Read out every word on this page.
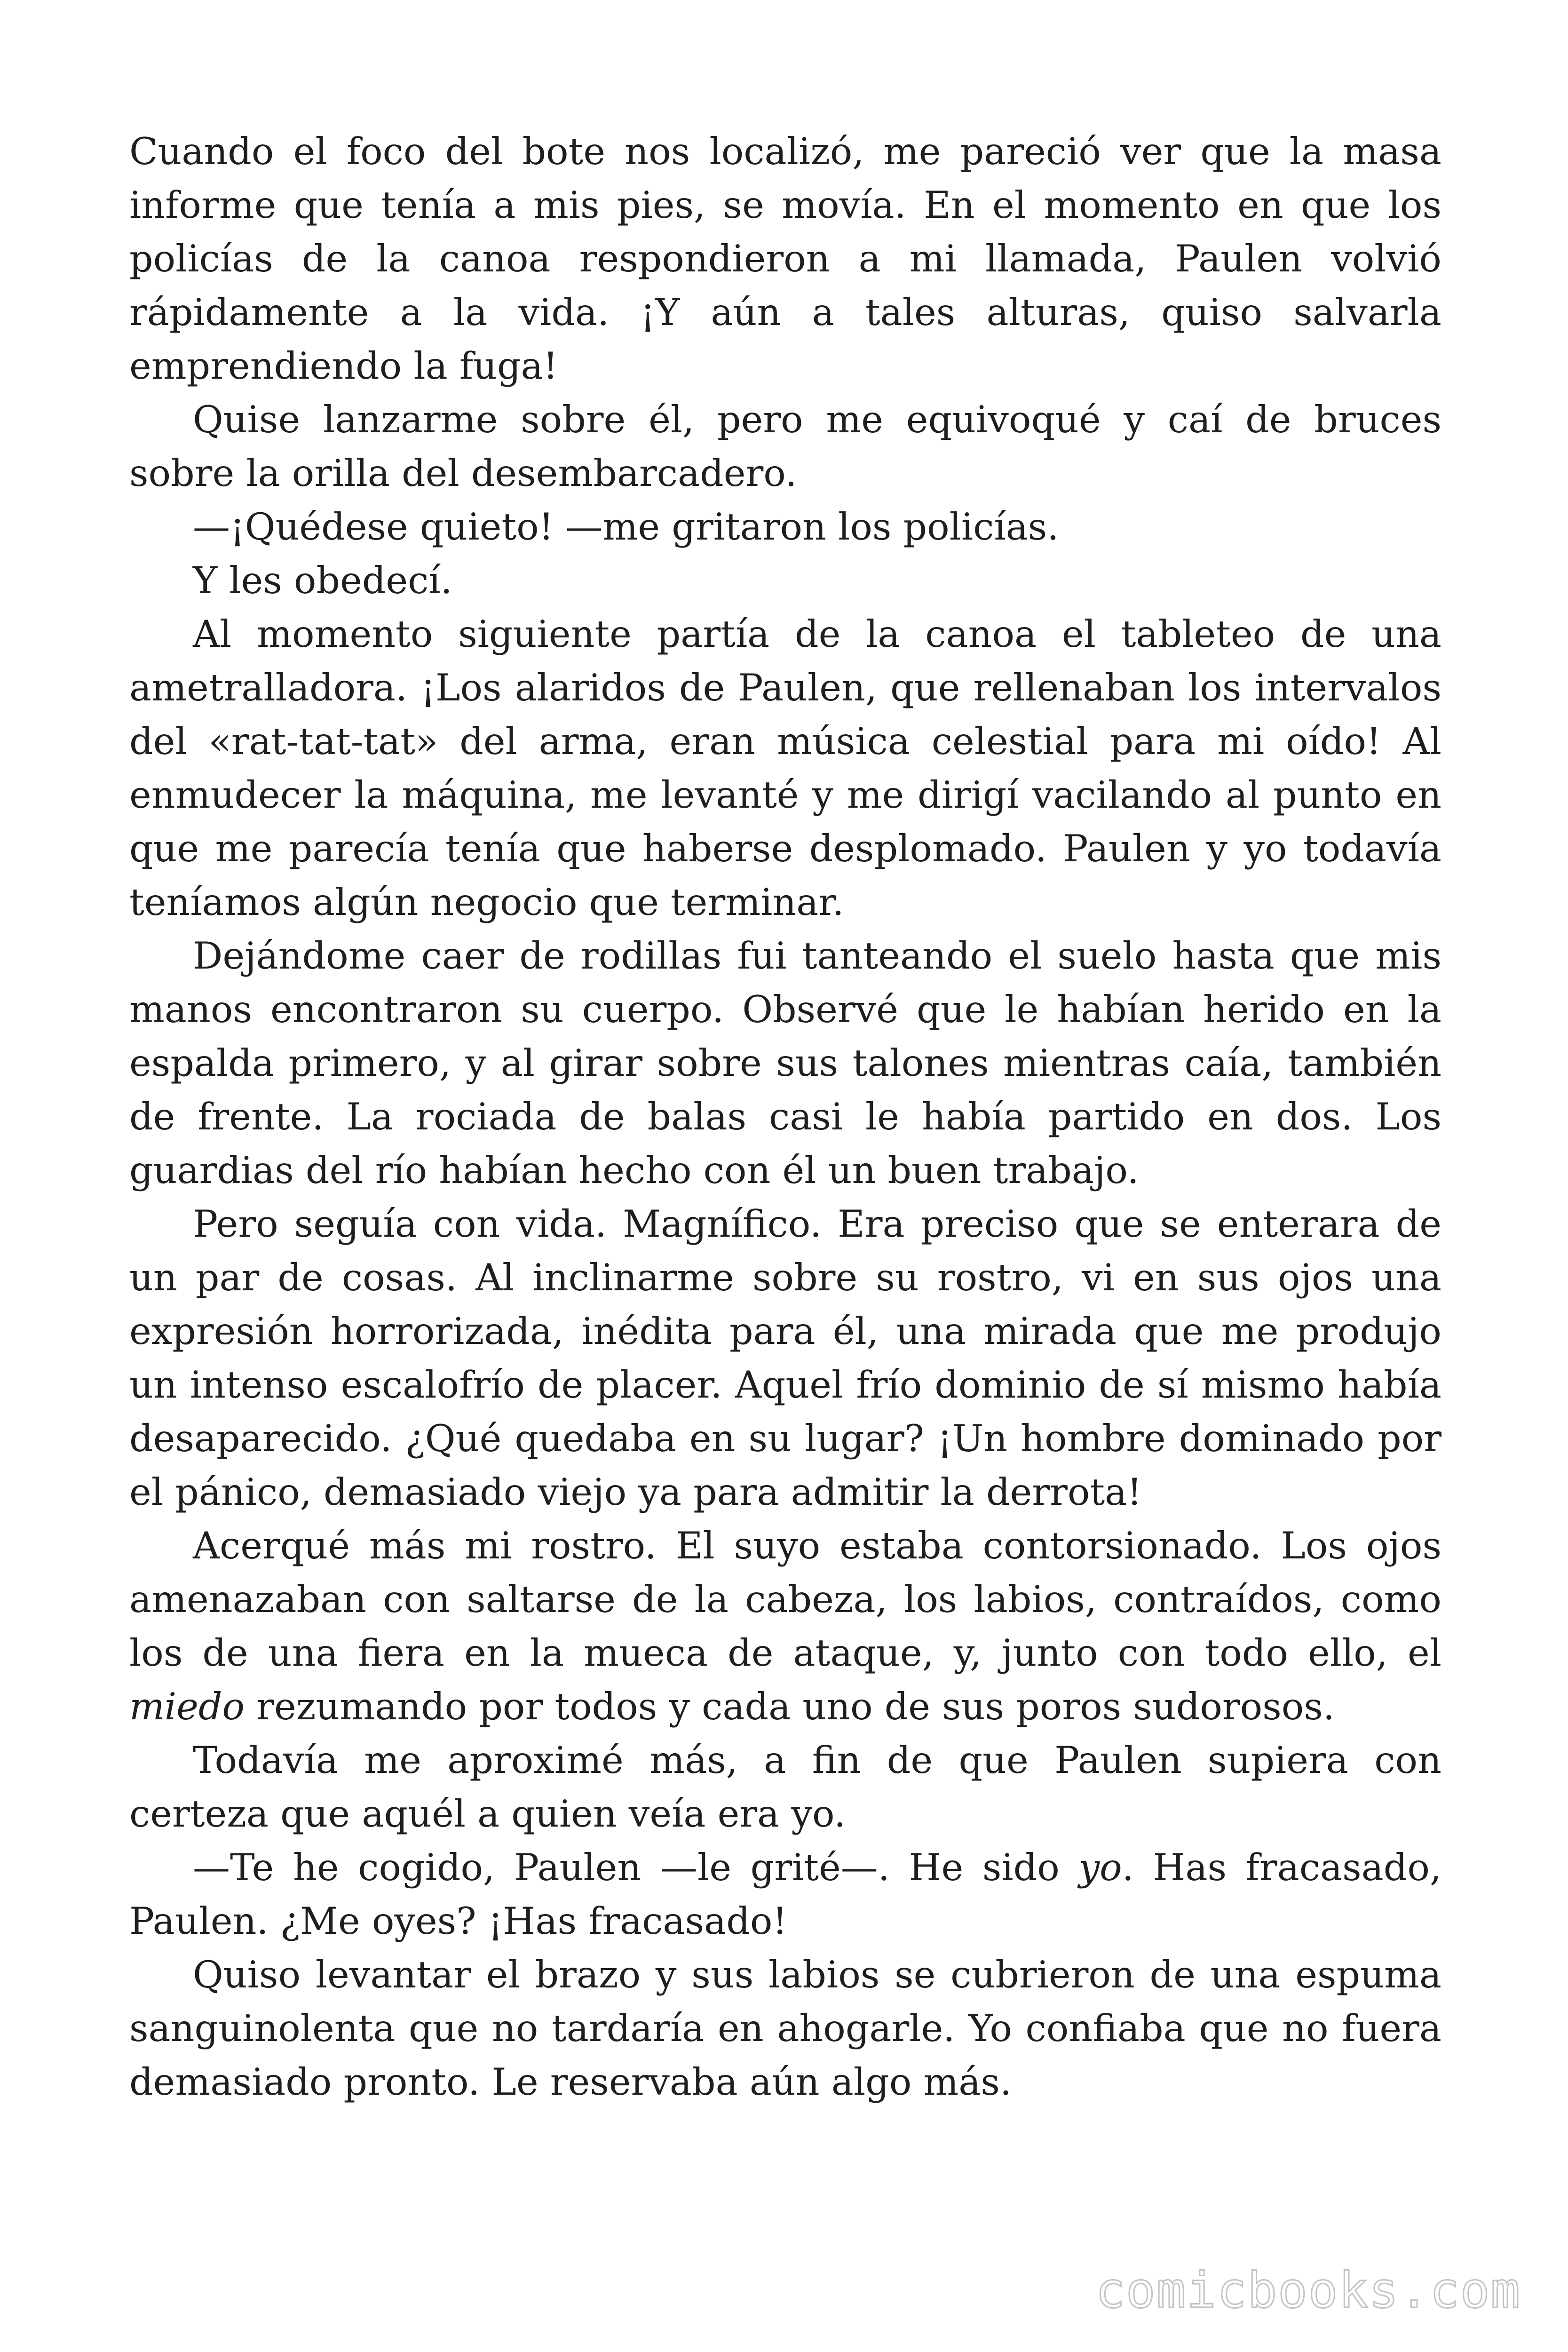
Cuando el foco del bote nos localizó, me pareció ver que la masa informe que tenía a mis pies, se movía. En el momento en que los policías de la canoa respondieron a mi llamada, Paulen volvió rápidamente a la vida. ¡Y aún a tales alturas, quiso salvarla emprendiendo la fuga!

Quise lanzarme sobre él, pero me equivoqué y caí de bruces sobre la orilla del desembarcadero.

—¡Quédese quieto! —me gritaron los policías.

Y les obedecí.

Al momento siguiente partía de la canoa el tableteo de una ametralladora. ¡Los alaridos de Paulen, que rellenaban los intervalos del «rat-tat-tat» del arma, eran música celestial para mi oído! Al enmudecer la máquina, me levanté y me dirigí vacilando al punto en que me parecía tenía que haberse desplomado. Paulen y yo todavía teníamos algún negocio que terminar.

Dejándome caer de rodillas fui tanteando el suelo hasta que mis manos encontraron su cuerpo. Observé que le habían herido en la espalda primero, y al girar sobre sus talones mientras caía, también de frente. La rociada de balas casi le había partido en dos. Los guardias del río habían hecho con él un buen trabajo.

Pero seguía con vida. Magnífico. Era preciso que se enterara de un par de cosas. Al inclinarme sobre su rostro, vi en sus ojos una expresión horrorizada, inédita para él, una mirada que me produjo un intenso escalofrío de placer. Aquel frío dominio de sí mismo había desaparecido. ¿Qué quedaba en su lugar? ¡Un hombre dominado por el pánico, demasiado viejo ya para admitir la derrota!

Acerqué más mi rostro. El suyo estaba contorsionado. Los ojos amenazaban con saltarse de la cabeza, los labios, contraídos, como los de una fiera en la mueca de ataque, y, junto con todo ello, el miedo rezumando por todos y cada uno de sus poros sudorosos.

Todavía me aproximé más, a fin de que Paulen supiera con certeza que aquél a quien veía era yo.

—Te he cogido, Paulen —le grité—. He sido yo. Has fracasado, Paulen. ¿Me oyes? ¡Has fracasado!

Quiso levantar el brazo y sus labios se cubrieron de una espuma sanguinolenta que no tardaría en ahogarle. Yo confiaba que no fuera demasiado pronto. Le reservaba aún algo más.

comicbooks.com
